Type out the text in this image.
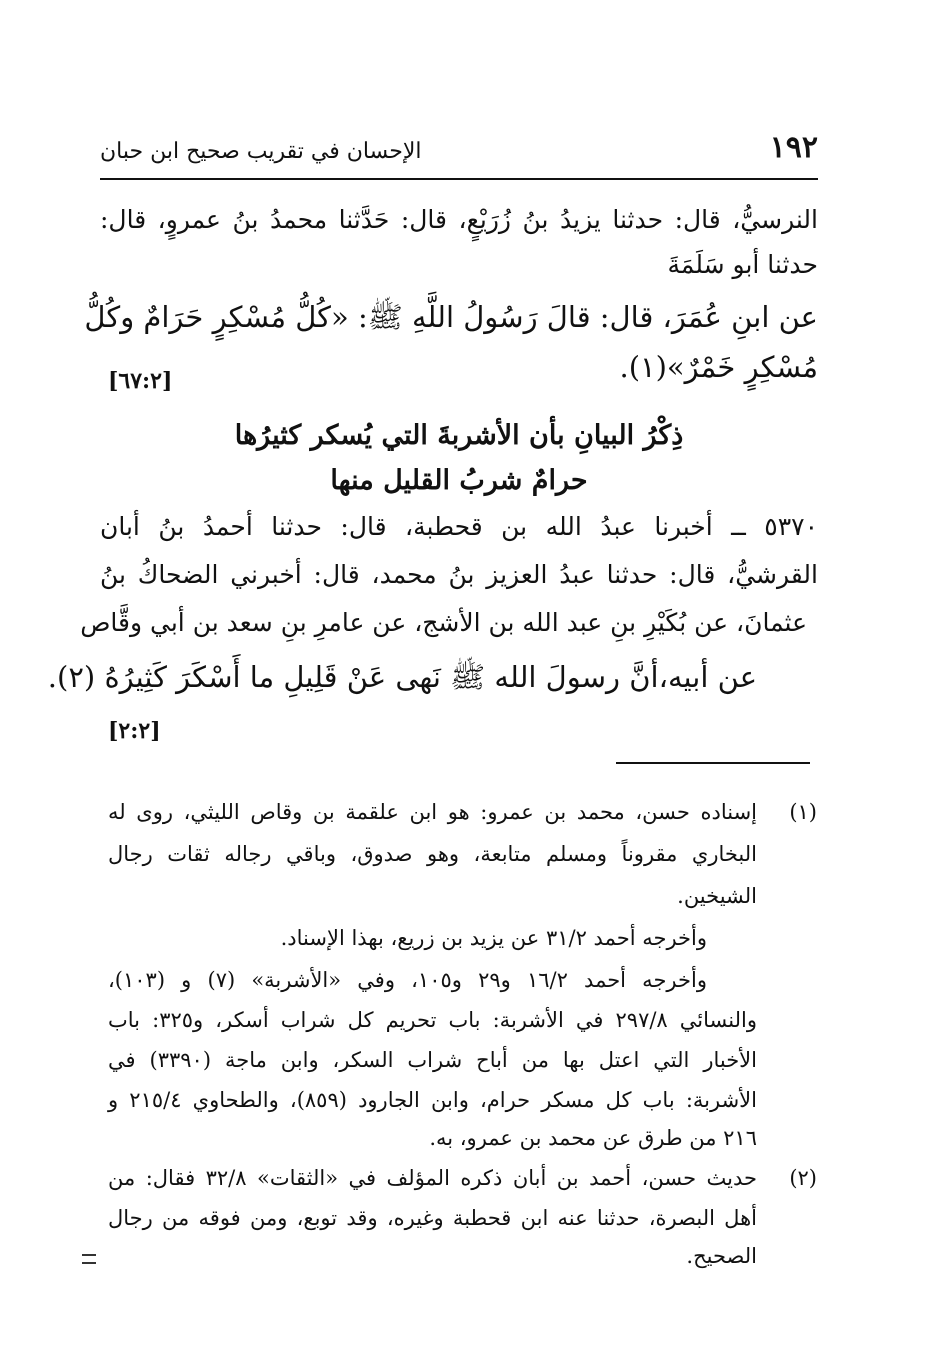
١٩٢
الإحسان في تقريب صحيح ابن حبان
النرسيُّ، قال: حدثنا يزيدُ بنُ زُرَيْعٍ، قال: حَدَّثنا محمدُ بنُ عمروٍ، قال:
حدثنا أبو سَلَمَةَ
عن ابنِ عُمَرَ، قال: قالَ رَسُولُ اللَّهِ ﷺ: «كُلُّ مُسْكِرٍ حَرَامٌ وكُلُّ
مُسْكِرٍ خَمْرٌ»(١).
[٦٧:٢]
ذِكْرُ البيانِ بأن الأشربةَ التي يُسكر كثيرُها
حرامٌ شربُ القليل منها
٥٣٧٠ ــ أخبرنا عبدُ الله بن قحطبة، قال: حدثنا أحمدُ بنُ أبان
القرشيُّ، قال: حدثنا عبدُ العزيز بنُ محمد، قال: أخبرني الضحاكُ بنُ
عثمانَ، عن بُكَيْرِ بنِ عبد الله بن الأشج، عن عامرِ بنِ سعد بن أبي وقَّاص
عن أبيه،أنَّ رسولَ الله ﷺ نَهى عَنْ قَلِيلِ ما أَسْكَرَ كَثِيرُهُ (٢).
[٢:٢]
(١)
إسناده حسن، محمد بن عمرو: هو ابن علقمة بن وقاص الليثي، روى له
البخاري مقروناً ومسلم متابعة، وهو صدوق، وباقي رجاله ثقات رجال
الشيخين.
وأخرجه أحمد ٣١/٢ عن يزيد بن زريع، بهذا الإسناد.
وأخرجه أحمد ١٦/٢ و٢٩ و١٠٥، وفي «الأشربة» (٧) و (١٠٣)،
والنسائي ٢٩٧/٨ في الأشربة: باب تحريم كل شراب أسكر، و٣٢٥: باب
الأخبار التي اعتل بها من أباح شراب السكر، وابن ماجة (٣٣٩٠) في
الأشربة: باب كل مسكر حرام، وابن الجارود (٨٥٩)، والطحاوي ٢١٥/٤ و
٢١٦ من طرق عن محمد بن عمرو، به.
(٢)
حديث حسن، أحمد بن أبان ذكره المؤلف في «الثقات» ٣٢/٨ فقال: من
أهل البصرة، حدثنا عنه ابن قحطبة وغيره، وقد توبع، ومن فوقه من رجال
الصحيح.
